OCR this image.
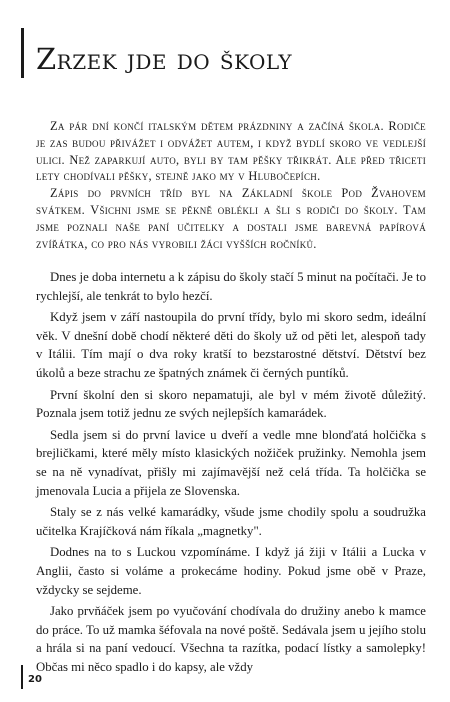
Zrzek jde do školy

Za pár dní končí italským dětem prázdniny a začíná škola. Rodiče je zas budou přivážet i odvážet autem, i když bydlí skoro ve vedlejší ulici. Než zaparkují auto, byli by tam pěšky třikrát. Ale před třiceti lety chodívali pěšky, stejně jako my v Hlubočepích.

Zápis do prvních tříd byl na Základní škole Pod Žvahovem svátkem. Všichni jsme se pěkně oblékli a šli s rodiči do školy. Tam jsme poznali naše paní učitelky a dostali jsme barevná papírová zvířátka, co pro nás vyrobili žáci vyšších ročníků.

Dnes je doba internetu a k zápisu do školy stačí 5 minut na počítači. Je to rychlejší, ale tenkrát to bylo hezčí.

Když jsem v září nastoupila do první třídy, bylo mi skoro sedm, ideální věk. V dnešní době chodí některé děti do školy už od pěti let, alespoň tady v Itálii. Tím mají o dva roky kratší to bezstarostné dětství. Dětství bez úkolů a beze strachu ze špatných známek či černých puntíků.

První školní den si skoro nepamatuji, ale byl v mém životě důležitý. Poznala jsem totiž jednu ze svých nejlepších kamarádek.

Sedla jsem si do první lavice u dveří a vedle mne blonďatá holčička s brejličkami, které měly místo klasických nožiček pružinky. Nemohla jsem se na ně vynadívat, přišly mi zajímavější než celá třída. Ta holčička se jmenovala Lucia a přijela ze Slovenska.

Staly se z nás velké kamarádky, všude jsme chodily spolu a soudružka učitelka Krajíčková nám říkala „magnetky".

Dodnes na to s Luckou vzpomínáme. I když já žiji v Itálii a Lucka v Anglii, často si voláme a prokecáme hodiny. Pokud jsme obě v Praze, vždycky se sejdeme.

Jako prvňáček jsem po vyučování chodívala do družiny anebo k mamce do práce. To už mamka šéfovala na nové poště. Sedávala jsem u jejího stolu a hrála si na paní vedoucí. Všechna ta razítka, podací lístky a samolepky! Občas mi něco spadlo i do kapsy, ale vždy

20
